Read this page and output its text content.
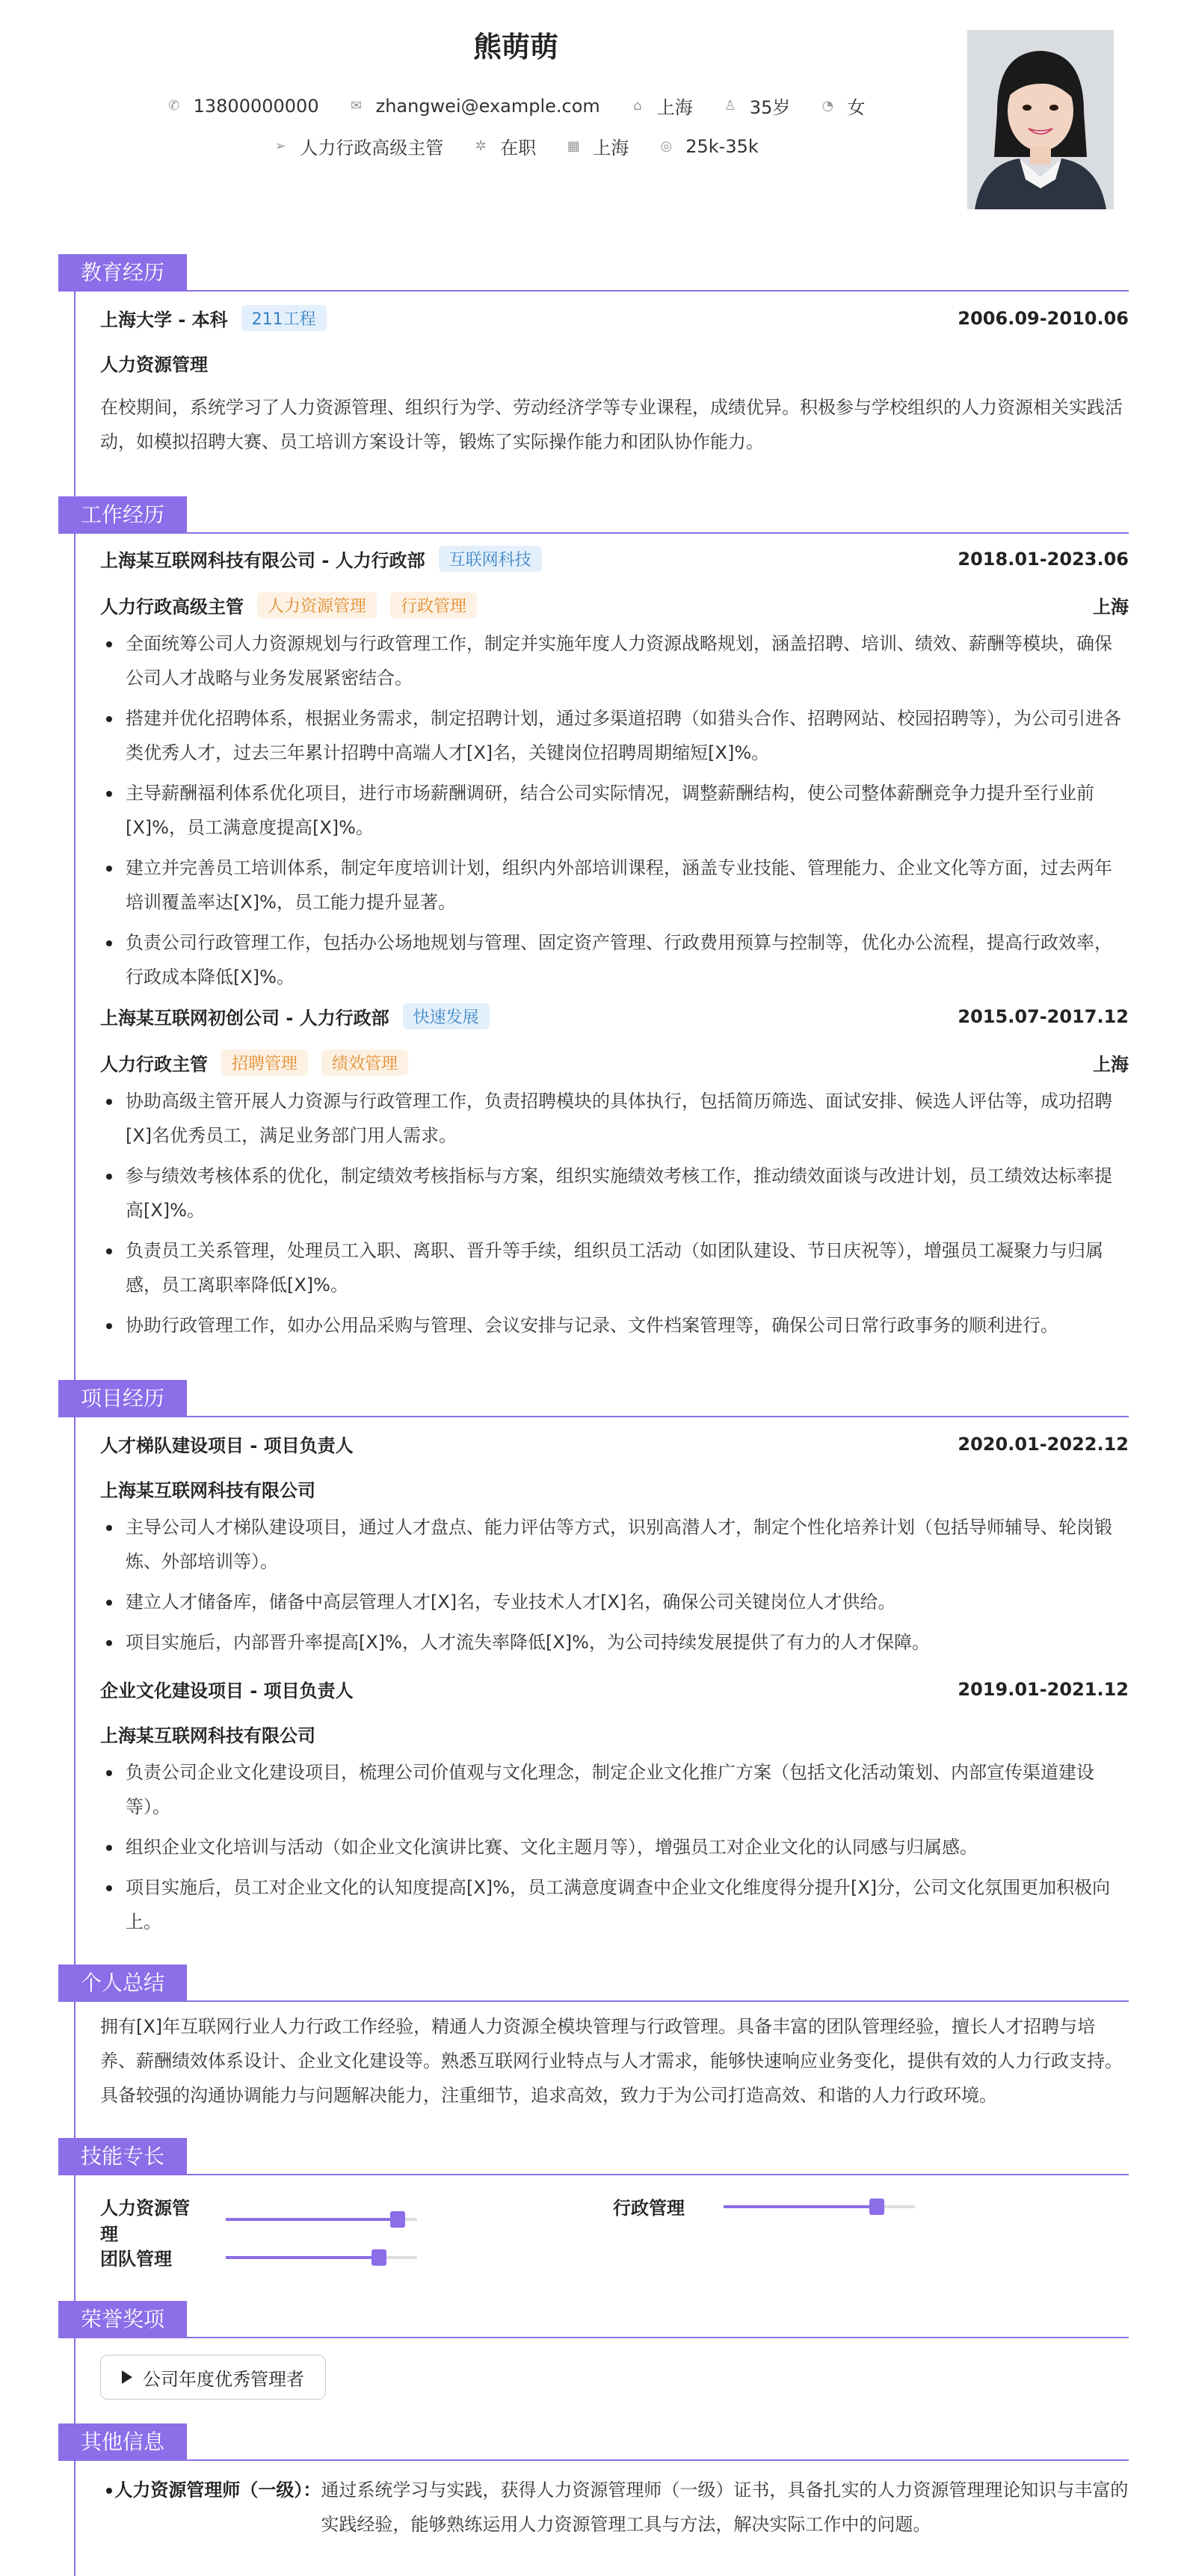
熊萌萌
✆ 13800000000 ✉ zhangwei@example.com ⌂ 上海 ♙ 35岁 ◔ 女
➢ 人力行政高级主管 ✲ 在职 ▦ 上海 ◎ 25k-35k
教育经历
上海大学 - 本科	211工程	2006.09-2010.06
人力资源管理
在校期间，系统学习了人力资源管理、组织行为学、劳动经济学等专业课程，成绩优异。积极参与学校组织的人力资源相关实践活动，如模拟招聘大赛、员工培训方案设计等，锻炼了实际操作能力和团队协作能力。
工作经历
上海某互联网科技有限公司 - 人力行政部	互联网科技	2018.01-2023.06
人力行政高级主管	人力资源管理	行政管理	上海
全面统筹公司人力资源规划与行政管理工作，制定并实施年度人力资源战略规划，涵盖招聘、培训、绩效、薪酬等模块，确保公司人才战略与业务发展紧密结合。
搭建并优化招聘体系，根据业务需求，制定招聘计划，通过多渠道招聘（如猎头合作、招聘网站、校园招聘等），为公司引进各类优秀人才，过去三年累计招聘中高端人才[X]名，关键岗位招聘周期缩短[X]%。
主导薪酬福利体系优化项目，进行市场薪酬调研，结合公司实际情况，调整薪酬结构，使公司整体薪酬竞争力提升至行业前[X]%，员工满意度提高[X]%。
建立并完善员工培训体系，制定年度培训计划，组织内外部培训课程，涵盖专业技能、管理能力、企业文化等方面，过去两年培训覆盖率达[X]%，员工能力提升显著。
负责公司行政管理工作，包括办公场地规划与管理、固定资产管理、行政费用预算与控制等，优化办公流程，提高行政效率，行政成本降低[X]%。
上海某互联网初创公司 - 人力行政部	快速发展	2015.07-2017.12
人力行政主管	招聘管理	绩效管理	上海
协助高级主管开展人力资源与行政管理工作，负责招聘模块的具体执行，包括简历筛选、面试安排、候选人评估等，成功招聘[X]名优秀员工，满足业务部门用人需求。
参与绩效考核体系的优化，制定绩效考核指标与方案，组织实施绩效考核工作，推动绩效面谈与改进计划，员工绩效达标率提高[X]%。
负责员工关系管理，处理员工入职、离职、晋升等手续，组织员工活动（如团队建设、节日庆祝等），增强员工凝聚力与归属感，员工离职率降低[X]%。
协助行政管理工作，如办公用品采购与管理、会议安排与记录、文件档案管理等，确保公司日常行政事务的顺利进行。
项目经历
人才梯队建设项目 - 项目负责人	2020.01-2022.12
上海某互联网科技有限公司
主导公司人才梯队建设项目，通过人才盘点、能力评估等方式，识别高潜人才，制定个性化培养计划（包括导师辅导、轮岗锻炼、外部培训等）。
建立人才储备库，储备中高层管理人才[X]名，专业技术人才[X]名，确保公司关键岗位人才供给。
项目实施后，内部晋升率提高[X]%，人才流失率降低[X]%，为公司持续发展提供了有力的人才保障。
企业文化建设项目 - 项目负责人	2019.01-2021.12
上海某互联网科技有限公司
负责公司企业文化建设项目，梳理公司价值观与文化理念，制定企业文化推广方案（包括文化活动策划、内部宣传渠道建设等）。
组织企业文化培训与活动（如企业文化演讲比赛、文化主题月等），增强员工对企业文化的认同感与归属感。
项目实施后，员工对企业文化的认知度提高[X]%，员工满意度调查中企业文化维度得分提升[X]分，公司文化氛围更加积极向上。
个人总结
拥有[X]年互联网行业人力行政工作经验，精通人力资源全模块管理与行政管理。具备丰富的团队管理经验，擅长人才招聘与培养、薪酬绩效体系设计、企业文化建设等。熟悉互联网行业特点与人才需求，能够快速响应业务变化，提供有效的人力行政支持。具备较强的沟通协调能力与问题解决能力，注重细节，追求高效，致力于为公司打造高效、和谐的人力行政环境。
技能专长
人力资源管理
行政管理
团队管理
荣誉奖项
公司年度优秀管理者
其他信息
人力资源管理师（一级）： 通过系统学习与实践，获得人力资源管理师（一级）证书，具备扎实的人力资源管理理论知识与丰富的实践经验，能够熟练运用人力资源管理工具与方法，解决实际工作中的问题。
